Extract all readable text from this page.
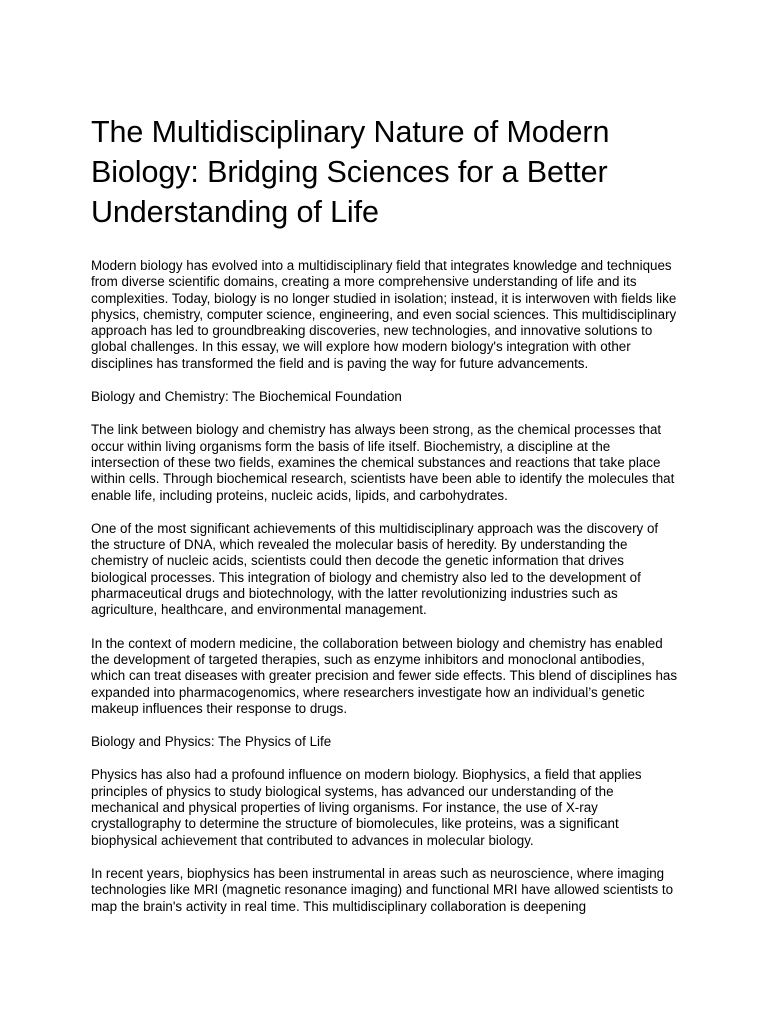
The Multidisciplinary Nature of Modern Biology: Bridging Sciences for a Better Understanding of Life

Modern biology has evolved into a multidisciplinary field that integrates knowledge and techniques from diverse scientific domains, creating a more comprehensive understanding of life and its complexities. Today, biology is no longer studied in isolation; instead, it is interwoven with fields like physics, chemistry, computer science, engineering, and even social sciences. This multidisciplinary approach has led to groundbreaking discoveries, new technologies, and innovative solutions to global challenges. In this essay, we will explore how modern biology's integration with other disciplines has transformed the field and is paving the way for future advancements.

Biology and Chemistry: The Biochemical Foundation

The link between biology and chemistry has always been strong, as the chemical processes that occur within living organisms form the basis of life itself. Biochemistry, a discipline at the intersection of these two fields, examines the chemical substances and reactions that take place within cells. Through biochemical research, scientists have been able to identify the molecules that enable life, including proteins, nucleic acids, lipids, and carbohydrates.

One of the most significant achievements of this multidisciplinary approach was the discovery of the structure of DNA, which revealed the molecular basis of heredity. By understanding the chemistry of nucleic acids, scientists could then decode the genetic information that drives biological processes. This integration of biology and chemistry also led to the development of pharmaceutical drugs and biotechnology, with the latter revolutionizing industries such as agriculture, healthcare, and environmental management.

In the context of modern medicine, the collaboration between biology and chemistry has enabled the development of targeted therapies, such as enzyme inhibitors and monoclonal antibodies, which can treat diseases with greater precision and fewer side effects. This blend of disciplines has expanded into pharmacogenomics, where researchers investigate how an individual’s genetic makeup influences their response to drugs.

Biology and Physics: The Physics of Life

Physics has also had a profound influence on modern biology. Biophysics, a field that applies principles of physics to study biological systems, has advanced our understanding of the mechanical and physical properties of living organisms. For instance, the use of X-ray crystallography to determine the structure of biomolecules, like proteins, was a significant biophysical achievement that contributed to advances in molecular biology.

In recent years, biophysics has been instrumental in areas such as neuroscience, where imaging technologies like MRI (magnetic resonance imaging) and functional MRI have allowed scientists to map the brain's activity in real time. This multidisciplinary collaboration is deepening
